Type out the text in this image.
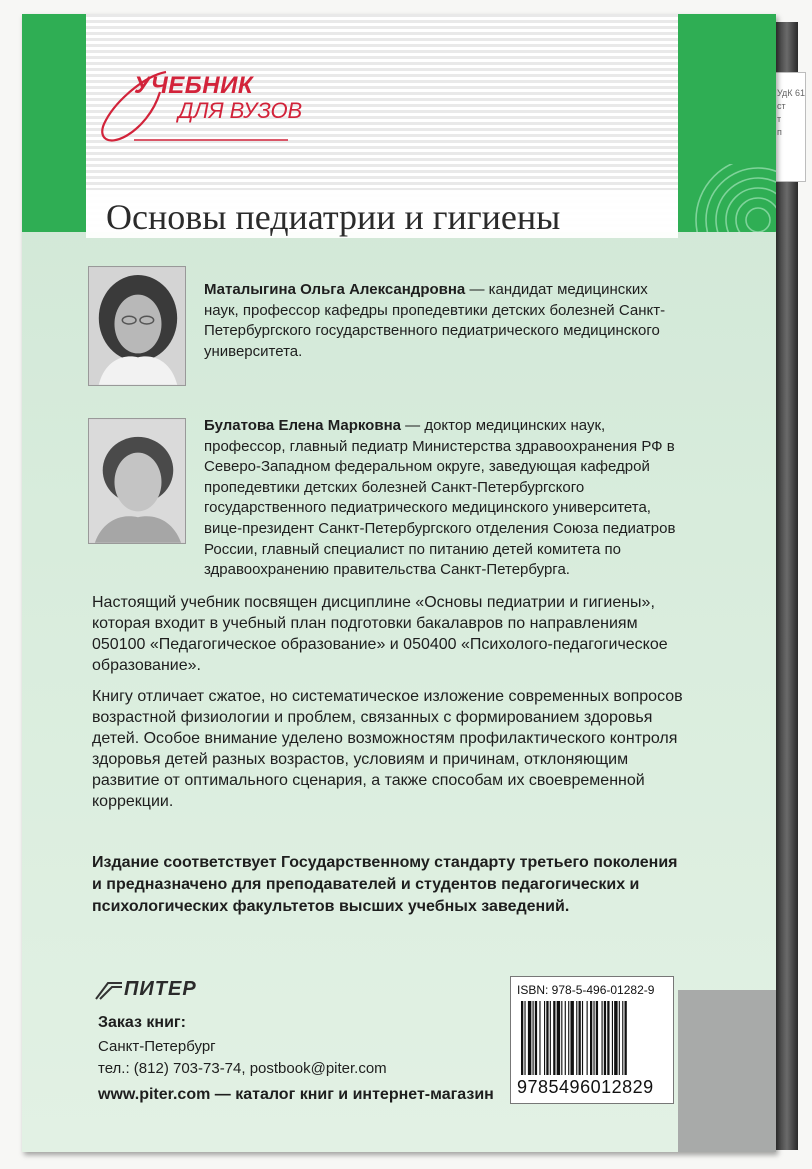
УдК 61
ст
т
п
УЧЕБНИК
ДЛЯ ВУЗОВ
Основы педиатрии и гигиены
Маталыгина Ольга Александровна — кандидат медицинских наук, профессор кафедры пропедевтики детских болезней Санкт-Петербургского государственного педиатрического медицинского университета.
Булатова Елена Марковна — доктор медицинских наук, профессор, главный педиатр Министерства здравоохранения РФ в Северо-Западном федеральном округе, заведующая кафедрой пропедевтики детских болезней Санкт-Петербургского государственного педиатрического медицинского университета, вице-президент Санкт-Петербургского отделения Союза педиатров России, главный специалист по питанию детей комитета по здравоохранению правительства Санкт-Петербурга.

Настоящий учебник посвящен дисциплине «Основы педиатрии и гигиены», которая входит в учебный план подготовки бакалавров по направлениям 050100 «Педагогическое образование» и 050400 «Психолого-педагогическое образование».

Книгу отличает сжатое, но систематическое изложение современных вопросов возрастной физиологии и проблем, связанных с формированием здоровья детей. Особое внимание уделено возможностям профилактического контроля здоровья детей разных возрастов, условиям и причинам, отклоняющим развитие от оптимального сценария, а также способам их своевременной коррекции.

Издание соответствует Государственному стандарту третьего поколения и предназначено для преподавателей и студентов педагогических и психологических факультетов высших учебных заведений.

ПИТЕР
Заказ книг:
Санкт-Петербург
тел.: (812) 703-73-74, postbook@piter.com
www.piter.com — каталог книг и интернет-магазин
ISBN: 978-5-496-01282-9
9785496012829
